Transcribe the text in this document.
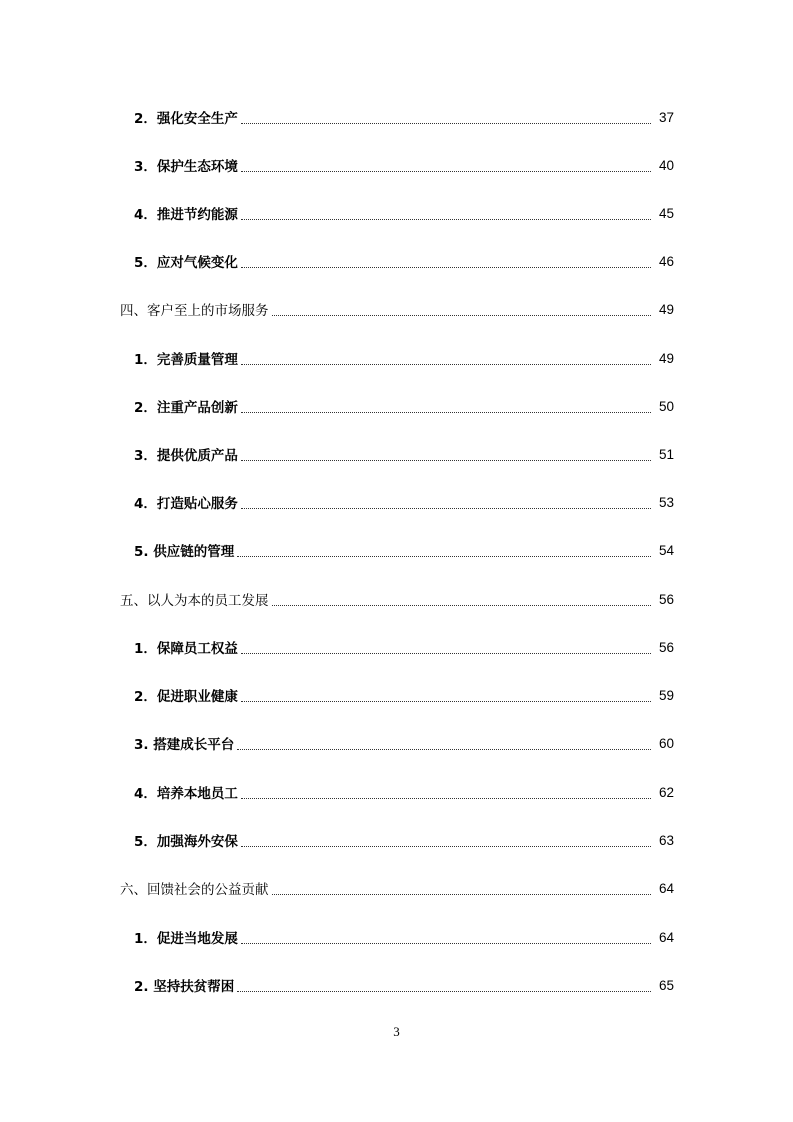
2．强化安全生产	37
3．保护生态环境	40
4．推进节约能源	45
5．应对气候变化	46
四、客户至上的市场服务	49
1．完善质量管理	49
2．注重产品创新	50
3．提供优质产品	51
4．打造贴心服务	53
5. 供应链的管理	54
五、以人为本的员工发展	56
1．保障员工权益	56
2．促进职业健康	59
3. 搭建成长平台	60
4．培养本地员工	62
5．加强海外安保	63
六、回馈社会的公益贡献	64
1．促进当地发展	64
2. 坚持扶贫帮困	65
3
